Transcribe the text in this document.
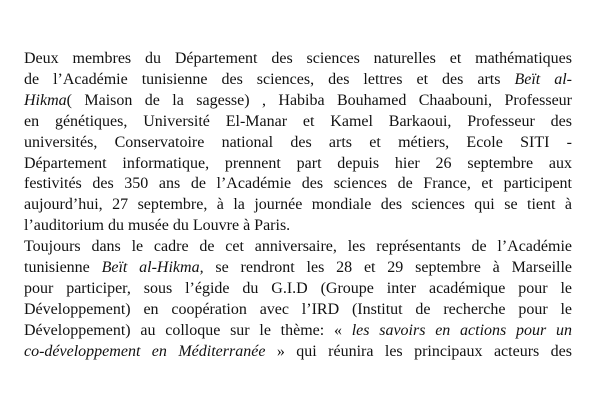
Deux membres du Département des sciences naturelles et mathématiques
de l’Académie tunisienne des sciences, des lettres et des arts Beït al-
Hikma( Maison de la sagesse) , Habiba Bouhamed Chaabouni, Professeur
en génétiques, Université El-Manar et Kamel Barkaoui, Professeur des
universités, Conservatoire national des arts et métiers, Ecole SITI -
Département informatique, prennent part depuis hier 26 septembre aux
festivités des 350 ans de l’Académie des sciences de France, et participent
aujourd’hui, 27 septembre, à la journée mondiale des sciences qui se tient à
l’auditorium du musée du Louvre à Paris.

Toujours dans le cadre de cet anniversaire, les représentants de l’Académie
tunisienne Beït al-Hikma, se rendront les 28 et 29 septembre à Marseille
pour participer, sous l’égide du G.I.D (Groupe inter académique pour le
Développement) en coopération avec l’IRD (Institut de recherche pour le
Développement) au colloque sur le thème: « les savoirs en actions pour un
co-développement en Méditerranée » qui réunira les principaux acteurs des
